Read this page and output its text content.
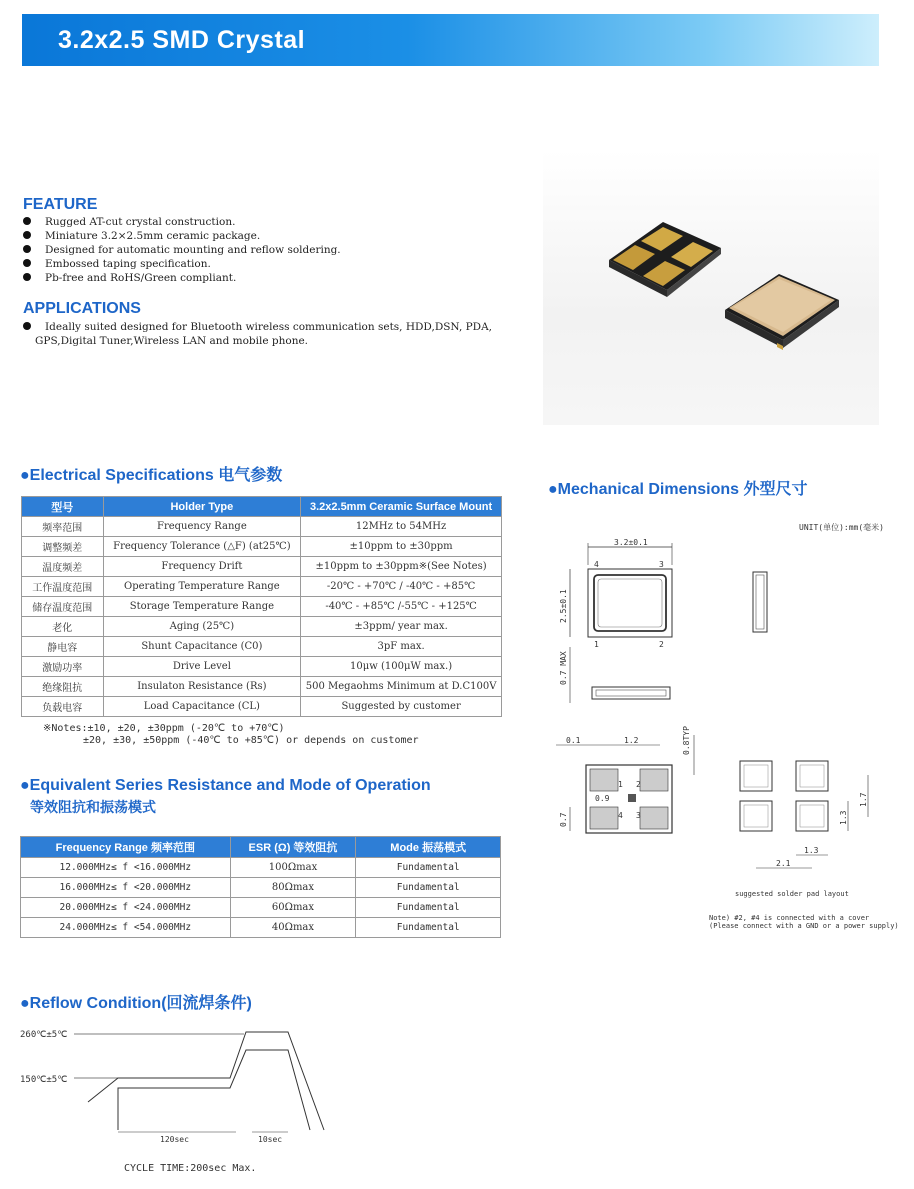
3.2x2.5 SMD Crystal
FEATURE
Rugged AT-cut crystal construction.
Miniature 3.2×2.5mm ceramic package.
Designed for automatic mounting and reflow soldering.
Embossed taping specification.
Pb-free and RoHS/Green compliant.
APPLICATIONS
Ideally suited designed for Bluetooth wireless communication sets, HDD,DSN, PDA,
GPS,Digital Tuner,Wireless LAN and mobile phone.
●Electrical Specifications 电气参数
型号	Holder Type	3.2x2.5mm Ceramic Surface Mount
频率范围	Frequency Range	12MHz to 54MHz
调整频差	Frequency Tolerance (△F) (at25℃)	±10ppm to ±30ppm
温度频差	Frequency Drift	±10ppm to ±30ppm※(See Notes)
工作温度范围	Operating Temperature Range	-20℃ - +70℃ / -40℃ - +85℃
储存温度范围	Storage Temperature Range	-40℃ - +85℃ /-55℃ - +125℃
老化	Aging (25℃)	±3ppm/ year max.
静电容	Shunt Capacitance (C0)	3pF max.
激励功率	Drive Level	10μw (100μW max.)
绝缘阻抗	Insulaton Resistance (Rs)	500 Megaohms Minimum at D.C100V
负载电容	Load Capacitance (CL)	Suggested by customer
※Notes:±10, ±20, ±30ppm (-20℃ to +70℃)
±20, ±30, ±50ppm (-40℃ to +85℃) or depends on customer
●Equivalent Series Resistance and Mode of Operation
等效阻抗和振荡模式
Frequency Range 频率范围	ESR (Ω) 等效阻抗	Mode 振荡模式
12.000MHz≤ f <16.000MHz	100Ωmax	Fundamental
16.000MHz≤ f <20.000MHz	80Ωmax	Fundamental
20.000MHz≤ f <24.000MHz	60Ωmax	Fundamental
24.000MHz≤ f <54.000MHz	40Ωmax	Fundamental
●Mechanical Dimensions 外型尺寸
UNIT(单位):mm(毫米)
3.2±0.1
4	3
1	2
2.5±0.1
0.7 MAX
0.1	1.2	0.8TYP
1 2
3
4
0.9
0.7
2.1
1.3
1.7
1.3
suggested solder pad layout
Note) #2, #4 is connected with a cover
(Please connect with a GND or a power supply)
●Reflow Condition(回流焊条件)
260℃±5℃
150℃±5℃
120sec	10sec
CYCLE TIME:200sec Max.
